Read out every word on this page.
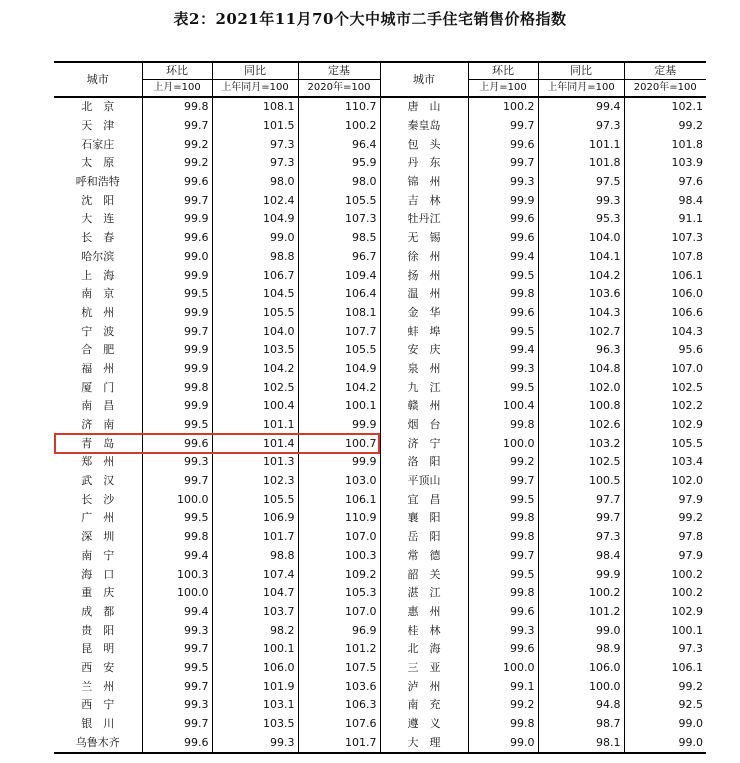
表2：2021年11月70个大中城市二手住宅销售价格指数
城市	环比	同比	定基	城市	环比	同比	定基
	上月=100	上年同月=100	2020年=100		上月=100	上年同月=100	2020年=100
北　京	99.8	108.1	110.7	唐　山	100.2	99.4	102.1
天　津	99.7	101.5	100.2	秦皇岛	99.7	97.3	99.2
石家庄	99.2	97.3	96.4	包　头	99.6	101.1	101.8
太　原	99.2	97.3	95.9	丹　东	99.7	101.8	103.9
呼和浩特	99.6	98.0	98.0	锦　州	99.3	97.5	97.6
沈　阳	99.7	102.4	105.5	吉　林	99.9	99.3	98.4
大　连	99.9	104.9	107.3	牡丹江	99.6	95.3	91.1
长　春	99.6	99.0	98.5	无　锡	99.6	104.0	107.3
哈尔滨	99.0	98.8	96.7	徐　州	99.4	104.1	107.8
上　海	99.9	106.7	109.4	扬　州	99.5	104.2	106.1
南　京	99.5	104.5	106.4	温　州	99.8	103.6	106.0
杭　州	99.9	105.5	108.1	金　华	99.6	104.3	106.6
宁　波	99.7	104.0	107.7	蚌　埠	99.5	102.7	104.3
合　肥	99.9	103.5	105.5	安　庆	99.4	96.3	95.6
福　州	99.9	104.2	104.9	泉　州	99.3	104.8	107.0
厦　门	99.8	102.5	104.2	九　江	99.5	102.0	102.5
南　昌	99.9	100.4	100.1	赣　州	100.4	100.8	102.2
济　南	99.5	101.1	99.9	烟　台	99.8	102.6	102.9
青　岛	99.6	101.4	100.7	济　宁	100.0	103.2	105.5
郑　州	99.3	101.3	99.9	洛　阳	99.2	102.5	103.4
武　汉	99.7	102.3	103.0	平顶山	99.7	100.5	102.0
长　沙	100.0	105.5	106.1	宜　昌	99.5	97.7	97.9
广　州	99.5	106.9	110.9	襄　阳	99.8	99.7	99.2
深　圳	99.8	101.7	107.0	岳　阳	99.8	97.3	97.8
南　宁	99.4	98.8	100.3	常　德	99.7	98.4	97.9
海　口	100.3	107.4	109.2	韶　关	99.5	99.9	100.2
重　庆	100.0	104.7	105.3	湛　江	99.8	100.2	100.2
成　都	99.4	103.7	107.0	惠　州	99.6	101.2	102.9
贵　阳	99.3	98.2	96.9	桂　林	99.3	99.0	100.1
昆　明	99.7	100.1	101.2	北　海	99.6	98.9	97.3
西　安	99.5	106.0	107.5	三　亚	100.0	106.0	106.1
兰　州	99.7	101.9	103.6	泸　州	99.1	100.0	99.2
西　宁	99.3	103.1	106.3	南　充	99.2	94.8	92.5
银　川	99.7	103.5	107.6	遵　义	99.8	98.7	99.0
乌鲁木齐	99.6	99.3	101.7	大　理	99.0	98.1	99.0
